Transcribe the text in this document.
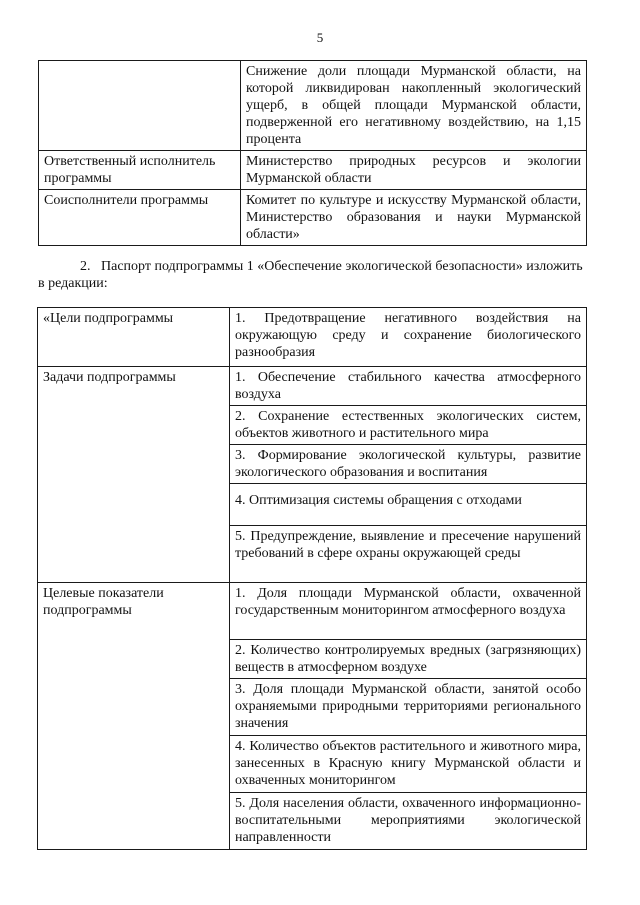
5
	Снижение доли площади Мурманской области, на которой ликвидирован накопленный экологический ущерб, в общей площади Мурманской области, подверженной его негативному воздействию, на 1,15 процента
Ответственный исполнитель программы	Министерство природных ресурсов и экологии Мурманской области
Соисполнители программы	Комитет по культуре и искусству Мурманской области, Министерство образования и науки Мурманской области»
2. Паспорт подпрограммы 1 «Обеспечение экологической безопасности» изложить в редакции:
«Цели подпрограммы	1. Предотвращение негативного воздействия на окружающую среду и сохранение биологического разнообразия
Задачи подпрограммы	1. Обеспечение стабильного качества атмосферного воздуха
	2. Сохранение естественных экологических систем, объектов животного и растительного мира
	3. Формирование экологической культуры, развитие экологического образования и воспитания
	4. Оптимизация системы обращения с отходами
	5. Предупреждение, выявление и пресечение нарушений требований в сфере охраны окружающей среды
Целевые показатели подпрограммы	1. Доля площади Мурманской области, охваченной государственным мониторингом атмосферного воздуха
	2. Количество контролируемых вредных (загрязняющих) веществ в атмосферном воздухе
	3. Доля площади Мурманской области, занятой особо охраняемыми природными территориями регионального значения
	4. Количество объектов растительного и животного мира, занесенных в Красную книгу Мурманской области и охваченных мониторингом
	5. Доля населения области, охваченного информационно-воспитательными мероприятиями экологической направленности
